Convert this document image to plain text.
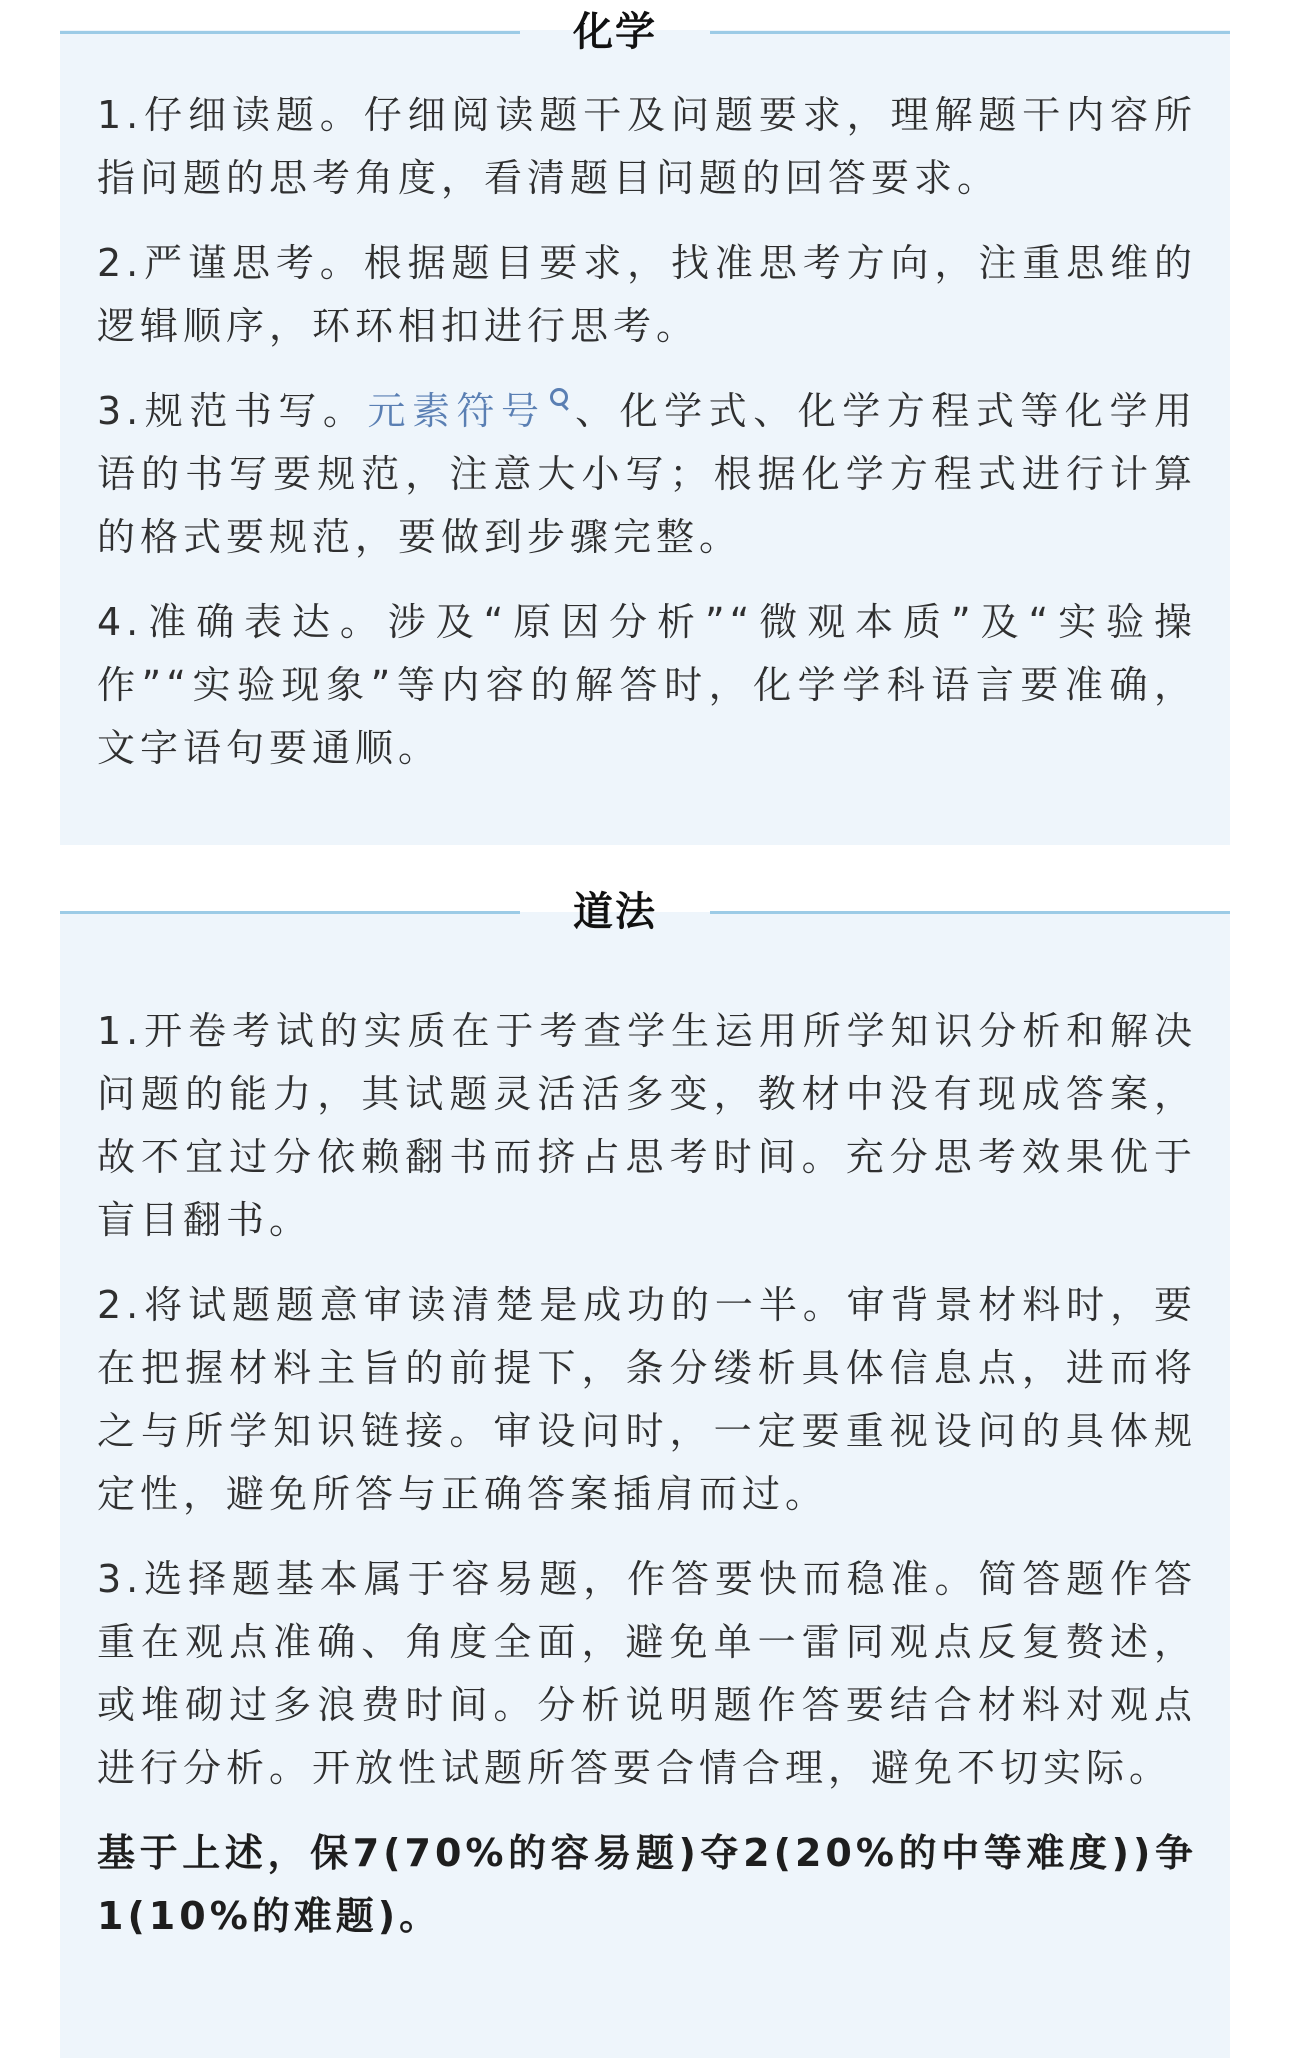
1.仔细读题。仔细阅读题干及问题要求，理解题干内容所指问题的思考角度，看清题目问题的回答要求。

2.严谨思考。根据题目要求，找准思考方向，注重思维的逻辑顺序，环环相扣进行思考。

3.规范书写。元素符号 、化学式、化学方程式等化学用语的书写要规范，注意大小写；根据化学方程式进行计算的格式要规范，要做到步骤完整。

4.准确表达。涉及“原因分析”“微观本质”及“实验操作”“实验现象”等内容的解答时，化学学科语言要准确，文字语句要通顺。

化学

1.开卷考试的实质在于考查学生运用所学知识分析和解决问题的能力，其试题灵活活多变，教材中没有现成答案，故不宜过分依赖翻书而挤占思考时间。充分思考效果优于盲目翻书。

2.将试题题意审读清楚是成功的一半。审背景材料时，要在把握材料主旨的前提下，条分缕析具体信息点，进而将之与所学知识链接。审设问时，一定要重视设问的具体规定性，避免所答与正确答案插肩而过。

3.选择题基本属于容易题，作答要快而稳准。简答题作答重在观点准确、角度全面，避免单一雷同观点反复赘述，或堆砌过多浪费时间。分析说明题作答要结合材料对观点进行分析。开放性试题所答要合情合理，避免不切实际。

基于上述，保7(70%的容易题)夺2(20%的中等难度))争1(10%的难题)。

道法
